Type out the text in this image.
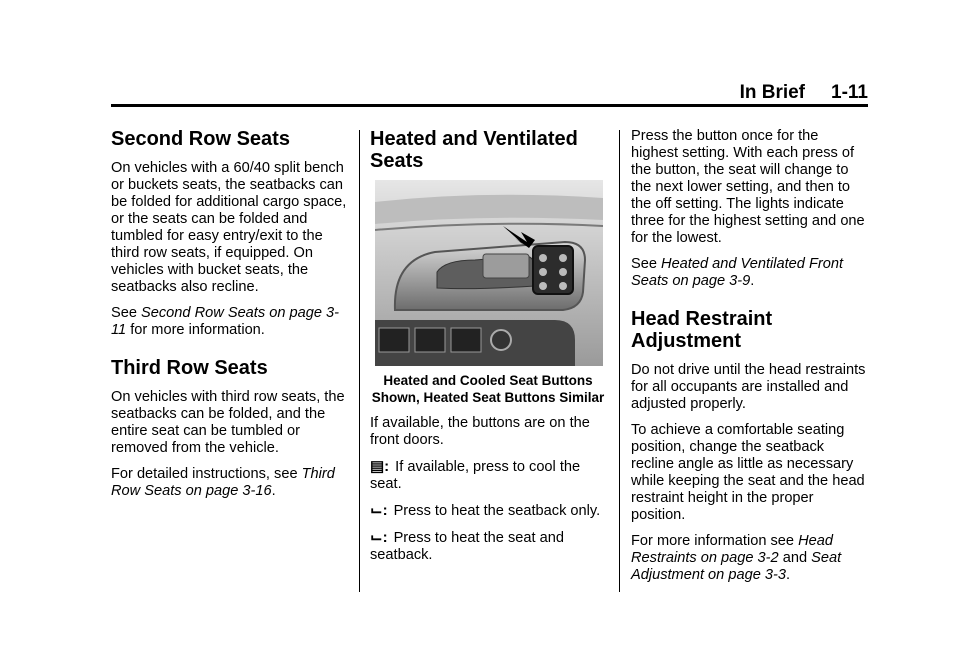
In Brief 1-11
Second Row Seats

On vehicles with a 60/40 split bench or buckets seats, the seatbacks can be folded for additional cargo space, or the seats can be folded and tumbled for easy entry/exit to the third row seats, if equipped. On vehicles with bucket seats, the seatbacks also recline.

See Second Row Seats on page 3-11 for more information.

Third Row Seats

On vehicles with third row seats, the seatbacks can be folded, and the entire seat can be tumbled or removed from the vehicle.

For detailed instructions, see Third Row Seats on page 3-16.

Heated and Ventilated Seats
Heated and Cooled Seat Buttons Shown, Heated Seat Buttons Similar

If available, the buttons are on the front doors.

▤: If available, press to cool the seat.

⌙: Press to heat the seatback only.

⌙: Press to heat the seat and seatback.

Press the button once for the highest setting. With each press of the button, the seat will change to the next lower setting, and then to the off setting. The lights indicate three for the highest setting and one for the lowest.

See Heated and Ventilated Front Seats on page 3-9.

Head Restraint Adjustment

Do not drive until the head restraints for all occupants are installed and adjusted properly.

To achieve a comfortable seating position, change the seatback recline angle as little as necessary while keeping the seat and the head restraint height in the proper position.

For more information see Head Restraints on page 3-2 and Seat Adjustment on page 3-3.
